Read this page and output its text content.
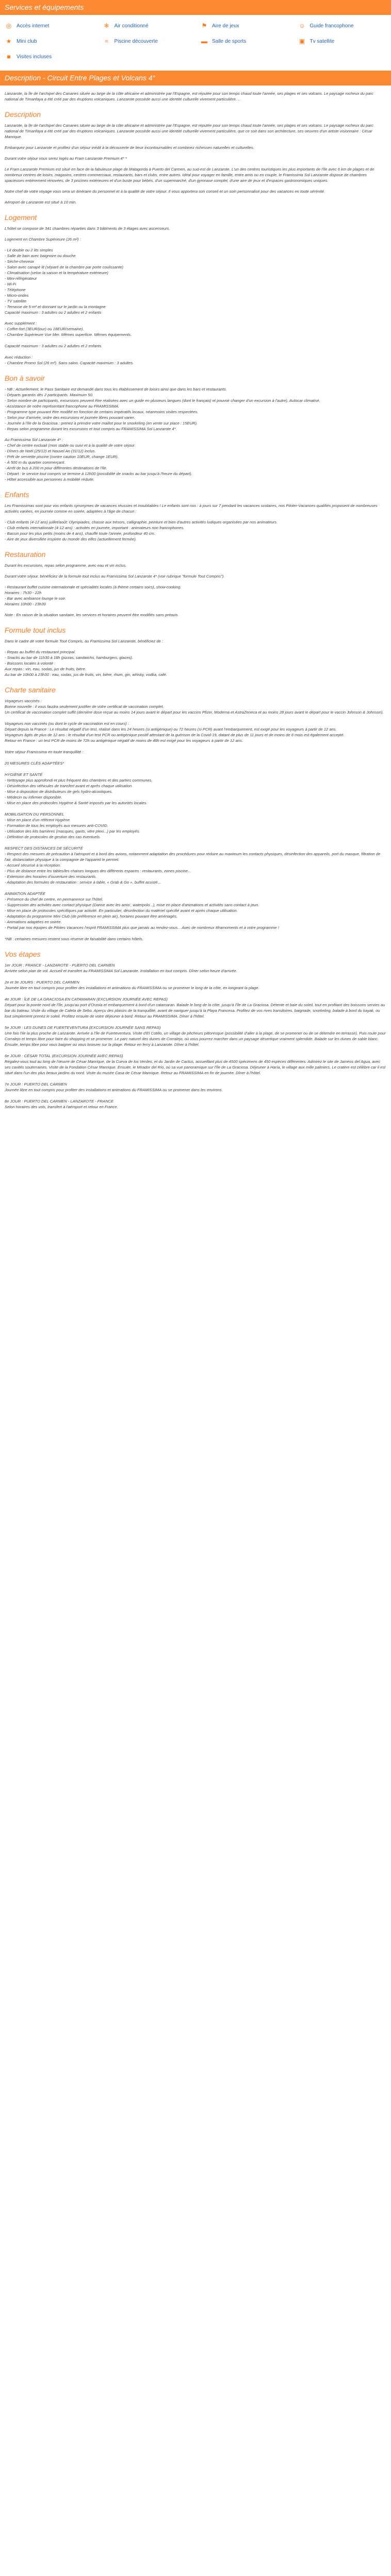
Services et équipements
◎ Accès internet	❄ Air conditionné	⚑ Aire de jeux	☺ Guide francophone
★ Mini club	≈	Piscine découverte	▬ Salle de sports	▣ Tv satellite
■	Visites incluses
Description - Circuit Entre Plages et Volcans 4°

Lanzarote, la île de l'archipel des Canaries située au large de la côte africaine et administrée par l'Espagne, est réputée pour son temps chaud toute l'année, ses plages et ses volcans. Le paysage rocheux du parc national de Timanfaya a été créé par des éruptions volcaniques. Lanzarote possède aussi une identité culturelle vivement particulière. ...

Description

Lanzarote, la île de l'archipel des Canaries située au large de la côte africaine et administrée par l'Espagne, est réputée pour son temps chaud toute l'année, ses plages et ses volcans. Le paysage rocheux du parc national de Timanfaya a été créé par des éruptions volcaniques. Lanzarote possède aussi une identité culturelle vivement particulière, que ce soit dans son architecture, ses oeuvres d'un artiste visionnaire : César Manrique.

Embarquez pour Lanzarote et profitez d'un séjour inédit à la découverte de lieux incontournables et combinez richesses naturelles et culturelles.

Durant votre séjour vous serez logés au Fram Lanzarote Premium 4* *

Le Fram Lanzarote Premium est situé en face de la fabuleuse plage de Matagorda à Puerto del Carmen, au sud-est de Lanzarote. L'un des centres touristiques les plus importants de l'île avec 6 km de plages et de nombreux centres de loisirs, magasins, centres commerciaux, restaurants, bars et clubs, entre autres. Idéal pour voyager en famille, entre amis ou en couple, le Framissima Sol Lanzarote dispose de chambres spacieuses entièrement rénovées, de 3 piscines extérieures et d'un buste pour bébés, d'un supermarché, d'un gymnase complet, d'une aire de jeux et d'espaces gastronomiques uniques.

Notre chef de votre voyage vous sera un itinéraire du personnel et à la qualité de votre séjour. Il vous apportera son conseil et un soin personnalisé pour des vacances en toute sérénité.

Aéroport de Lanzarote est situé à 10 min.

Logement

L'hôtel se compose de 341 chambres réparties dans 3 bâtiments de 3 étages avec ascenseurs.

Logement en Chambre Supérieure (26 m²) :

- Lit double ou 2 lits simples
- Salle de bain avec baignoire ou douche
- Sèche-cheveux
- Salon avec canapé lit (séparé de la chambre par porte coulissante)
- Climatisation (selon la saison et la température extérieure)
- Mini-réfrigérateur
- Wi-Fi
- Téléphone
- Micro-ondes
- TV satellite
- Terrasse de 5 m² et donnant sur le jardin ou la montagne
Capacité maximum : 3 adultes ou 2 adultes et 2 enfants
Avec supplément :
- Coffre-fort (3EUR/jour) ou 18EUR/semaine).
- Chambre Supérieure Vue Mer. Mêmes superficie. Mêmes équipements.

Capacité maximum : 3 adultes ou 2 adultes et 2 enfants

Avec réduction :
- Chambre Promo Sol (26 m²). Sans salon. Capacité maximum : 3 adultes.
Bon à savoir
- NB : Actuellement, le Pass Sanitaire est demandé dans tous les établissement de loisirs ainsi que dans les bars et restaurants.
- Départs garantis dès 2 participants. Maximum 50.
- Selon nombre de participants, excursions peuvent être réalisées avec un guide en plusieurs langues (dont le français) et pouvoir changer d'un excursion à l'autre). Autocar climatisé.
- Assistance de notre représentant francophone au FRAMISSIMA.
- Programme type pouvant être modifié en fonction de certains impératifs locaux, néanmoins visites respectées.
- Selon jour d'arrivée, ordre des excursions et journée libres pouvant varier.
- Journée à l'île de la Graciosa : prenez à prendre votre maillot pour le snorkeling (en vente sur place : 15EUR).
- Repas selon programme durant les excursions et tout compris au FRAMISSIMA Sol Lanzarote 4*.
Au Framissima Sol Lanzarote 4* :
- Chef de centre excluait (mon stable ou suivi et à la qualité de votre séjour.
- Dîners de Noël (25/12) et Nouvel An (31/12) inclus.
- Prêt de serviette piscine (contre caution 10EUR, change 1EUR).
- À 500 m du quartier commerçant.
- Arrêt de bus à 200 m pour différentes destinations de l'île.
- Départ : le service tout compris se termine à 12h00 (possibilité de snacks au bar jusqu'à l'heure du départ).
- Hôtel accessible aux personnes à mobilité réduite.
Enfants

Les Framissimas sont pour vos enfants synonymes de vacances réussies et inoubliables ! Le enfants sont rois : à jours sur 7 pendant les vacances scolaires, nos Piloter-Vacances qualifiés proposent de nombreuses activités variées, en journée comme en soirée, adaptées à l'âge de chacun :

- Club enfants (4-12 ans) juillet/août: Olympiades, chasse aux trésors, calligraphie, peinture et bien d'autres activités ludiques organisées par nos animateurs.
- Club enfants internationale (4-12 ans) : activités en journée, important : animateurs non francophones.
- Bassin pour les plus petits (moins de 4 ans), chauffé toute l'année, profondeur 40 cm.
- Aire de jeux diversifiée inspirée du monde des elfes (actuellement fermée).
Restauration

Durant les excursions, repas selon programme, avec eau et vin inclus.

Durant votre séjour, bénéficiez de la formule tout inclus au Framissima Sol Lanzarote 4* (voir rubrique "formule Tout Compris").

- Restaurant buffet cuisine internationale et spécialités locales (à thème certains soirs), show-cooking.
Horaires : 7h30 - 22h
- Bar avec ambiance lounge le soir.
Horaires 10h00 - 23h30
Note : En raison de la situation sanitaire, les services et horaires peuvent être modifiés sans préavis.
Formule tout inclus

Dans le cadre de votre formule Tout Compris, au Framissima Sol Lanzarote, bénéficiez de :

- Repas au buffet du restaurant principal.
- Snacks au bar de 11h30 à 18h (pizzas, sandwichs, hamburgers, glaces).
- Boissons locales à volonté :
Aux repas : vin, eau, sodas, jus de fruits, bière.
Au bar de 10h00 à 23h30 : eau, sodas, jus de fruits, vin, bière, rhum, gin, whisky, vodka, café.
Charte sanitaire
Voyageurs vaccinés :
Bonne nouvelle : il vous faudra seulement justifier de votre certificat de vaccination complet.
Un certificat de vaccination complet suffit (dernière dose reçue au moins 14 jours avant le départ pour les vaccins Pfizer, Moderna et AstraZeneca et au moins 28 jours avant le départ pour le vaccin Johnson & Johnson).

Voyageurs non vaccinés (ou dont le cycle de vaccination est en cours) :
Départ depuis la France : Le résultat négatif d'un test, réalisé dans les 24 heures (si antigénique) ou 72 heures (si PCR) avant l'embarquement, est exigé pour les voyageurs à partir de 12 ans.
Voyageurs âgés de plus de 12 ans : le résultat d'un test PCR ou antigénique positif attestant de la guérison de la Covid-19, datant de plus de 11 jours et de moins de 6 mois est également accepté.
Retour en France : un test PCR de moins de 72h ou antigénique négatif de moins de 48h est exigé pour les voyageurs à partir de 12 ans.

Votre séjour Framissima en toute tranquillité :

20 MESURES CLÉS ADAPTÉES*

HYGIÈNE ET SANTÉ
- Nettoyage plus approfondi et plus fréquent des chambres et des parties communes.
- Désinfection des véhicules de transfert avant et après chaque utilisation.
- Mise à disposition de distributeurs de gels hydro-alcooliques.
- Médecin ou infirmier disponible.
- Mise en place des protocoles Hygiène & Santé imposés par les autorités locales.

MOBILISATION DU PERSONNEL
- Mise en place d'un référent Hygiène.
- Formation de tous les employés aux mesures anti-COVID.
- Utilisation des kits barrières (masques, gants, vitre plexi...) par les employés.
- Définition de protocoles de gestion des cas éventuels.

RESPECT DES DISTANCES DE SÉCURITÉ
- Respect des mesures de précaution à l'aéroport et à bord des avions, notamment adaptation des procédures pour réduire au maximum les contacts physiques, désinfection des appareils, port du masque, filtration de l'air, distanciation physique à la compagnie de l'appareil le permet.
- Accueil sécurisé à la réception.
- Plus de distance entre les tables/les chaises longues des différents espaces : restaurants, zones piscine...
- Extension des horaires d'ouverture des restaurants.
- Adaptation des formules de restauration : service à table, « Grab & Go », buffet assisté...

ANIMATION ADAPTÉE
- Présence du chef de centre, en permanence sur l'hôtel.
- Suppression des activités avec contact physique (Danse avec les amis', waterpolo...), mise en place d'animations et activités sans contact à jeun.
- Mise en place de protocoles spécifiques par activité. En particulier, désinfection du matériel spécifié avant et après chaque utilisation.
- Adaptation du programme Mini Club (de préférence en plein air), horaires pouvant être aménagés.
- Animations adaptées en soirée.
- Portail par nos équipes de Pilotes Vacances l'esprit FRAMISSIMA plus que jamais au rendez-vous... Avec de nombreux #framoments et à votre programme !

*NB : certaines mesures restent sous réserve de faisabilité dans certains hôtels.
Vos étapes
1er JOUR : FRANCE - LANZAROTE - PUERTO DEL CARMEN
Arrivée selon plan de vol. Accueil et transfert au FRAMISSIMA Sol Lanzarote. Installation en tout compris. Dîner selon heure d'arrivée.

2e et 3e JOURS : PUERTO DEL CARMEN
Journée libre en tout compris pour profiter des installations et animations du FRAMISSIMA ou se promener le long de la côte, en longeant la plage.

4e JOUR : ÎLE DE LA GRACIOSA EN CATAMARAN (EXCURSION JOURNÉE AVEC REPAS)
Départ pour la pointe nord de l'île, jusqu'au port d'Orzola et embarquement à bord d'un catamaran. Balade le long de la côte, jusqu'à l'île de La Graciosa. Détente et baie du soleil, tout en profitant des boissons servies au bar du bateau. Visite du village de Caleta de Sebo. Aperçu des plaisirs de la tranquillité, avant de naviguer jusqu'à la Playa Francesa. Profitez de vos rives transitoires, baignade, snorkeling, balade à bord du kayak, ou tout simplement prenez le soleil. Profitez ensuite de votre déjeuner à bord. Retour au FRAMISSIMA. Dîner à l'hôtel.

5e JOUR : LES DUNES DE FUERTEVENTURA (EXCURSION JOURNÉE SANS REPAS)
Une fois l'ile la plus proche de Lanzarote. Arrivée à l'île de Fuerteventura. Visite d'El Cotillo, un village de pêcheurs pittoresque (possibilité d'aller à la plage, de se promener ou de se détendre en terrasse). Puis route pour Corralejo et temps libre pour faire du shopping et se promener. Le parc naturel des dunes de Corralejo, où vous pourrez marcher dans un paysage désertique vraiment splendide. Balade sur les dunes de sable blanc. Ensuite, temps libre pour vous baigner ou vous bronzer sur la plage. Retour en ferry à Lanzarote. Dîner à l'hôtel.

6e JOUR : CÉSAR TOTAL (EXCURSION JOURNÉE AVEC REPAS)
Régalez-vous tout au long de l'œuvre de César Manrique, de la Cueva de los Verdes, et du Jardin de Cactus, accueillant plus de 4500 spécimens de 450 espèces différentes. Admirez le site de Jameos del Agua, avec ses cavités souterraines. Visite de la Fondation César Manrique. Ensuite, le Mirador del Río, où sa vue panoramique sur l'île de La Graciosa. Déjeuner à Haría, le village aux mille palmiers. Le cratère est célèbre car il est situé dans l'un des plus beaux jardins du nord. Visite du musée Casa de César Manrique. Retour au FRAMISSIMA en fin de journée. Dîner à l'hôtel.

7e JOUR : PUERTO DEL CARMEN
Journée libre en tout compris pour profiter des installations et animations du FRAMISSIMA ou se promener dans les environs.

8e JOUR : PUERTO DEL CARMEN - LANZAROTE - FRANCE
Selon horaires des vols, transfert à l'aéroport et retour en France.
